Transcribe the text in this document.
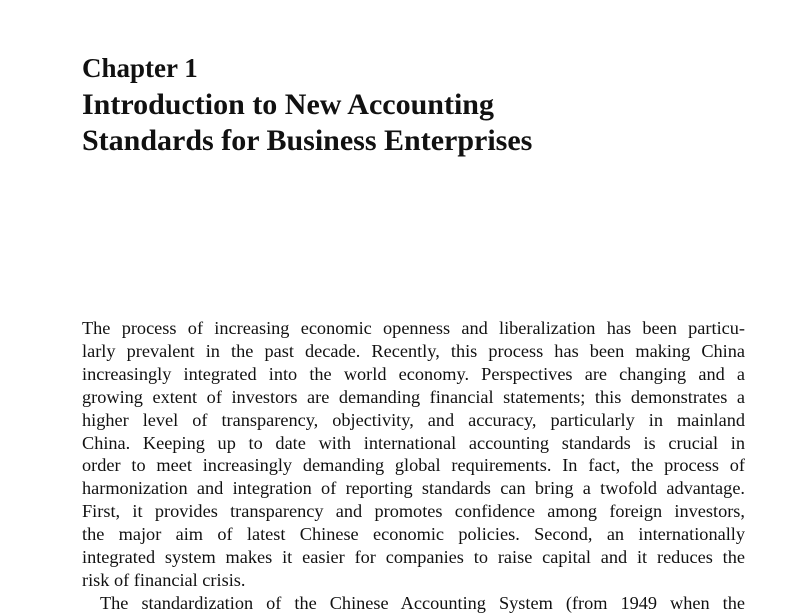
Chapter 1
Introduction to New Accounting
Standards for Business Enterprises
The process of increasing economic openness and liberalization has been particu-
larly prevalent in the past decade. Recently, this process has been making China
increasingly integrated into the world economy. Perspectives are changing and a
growing extent of investors are demanding financial statements; this demonstrates a
higher level of transparency, objectivity, and accuracy, particularly in mainland
China. Keeping up to date with international accounting standards is crucial in
order to meet increasingly demanding global requirements. In fact, the process of
harmonization and integration of reporting standards can bring a twofold advantage.
First, it provides transparency and promotes confidence among foreign investors,
the major aim of latest Chinese economic policies. Second, an internationally
integrated system makes it easier for companies to raise capital and it reduces the
risk of financial crisis.
The standardization of the Chinese Accounting System (from 1949 when the
